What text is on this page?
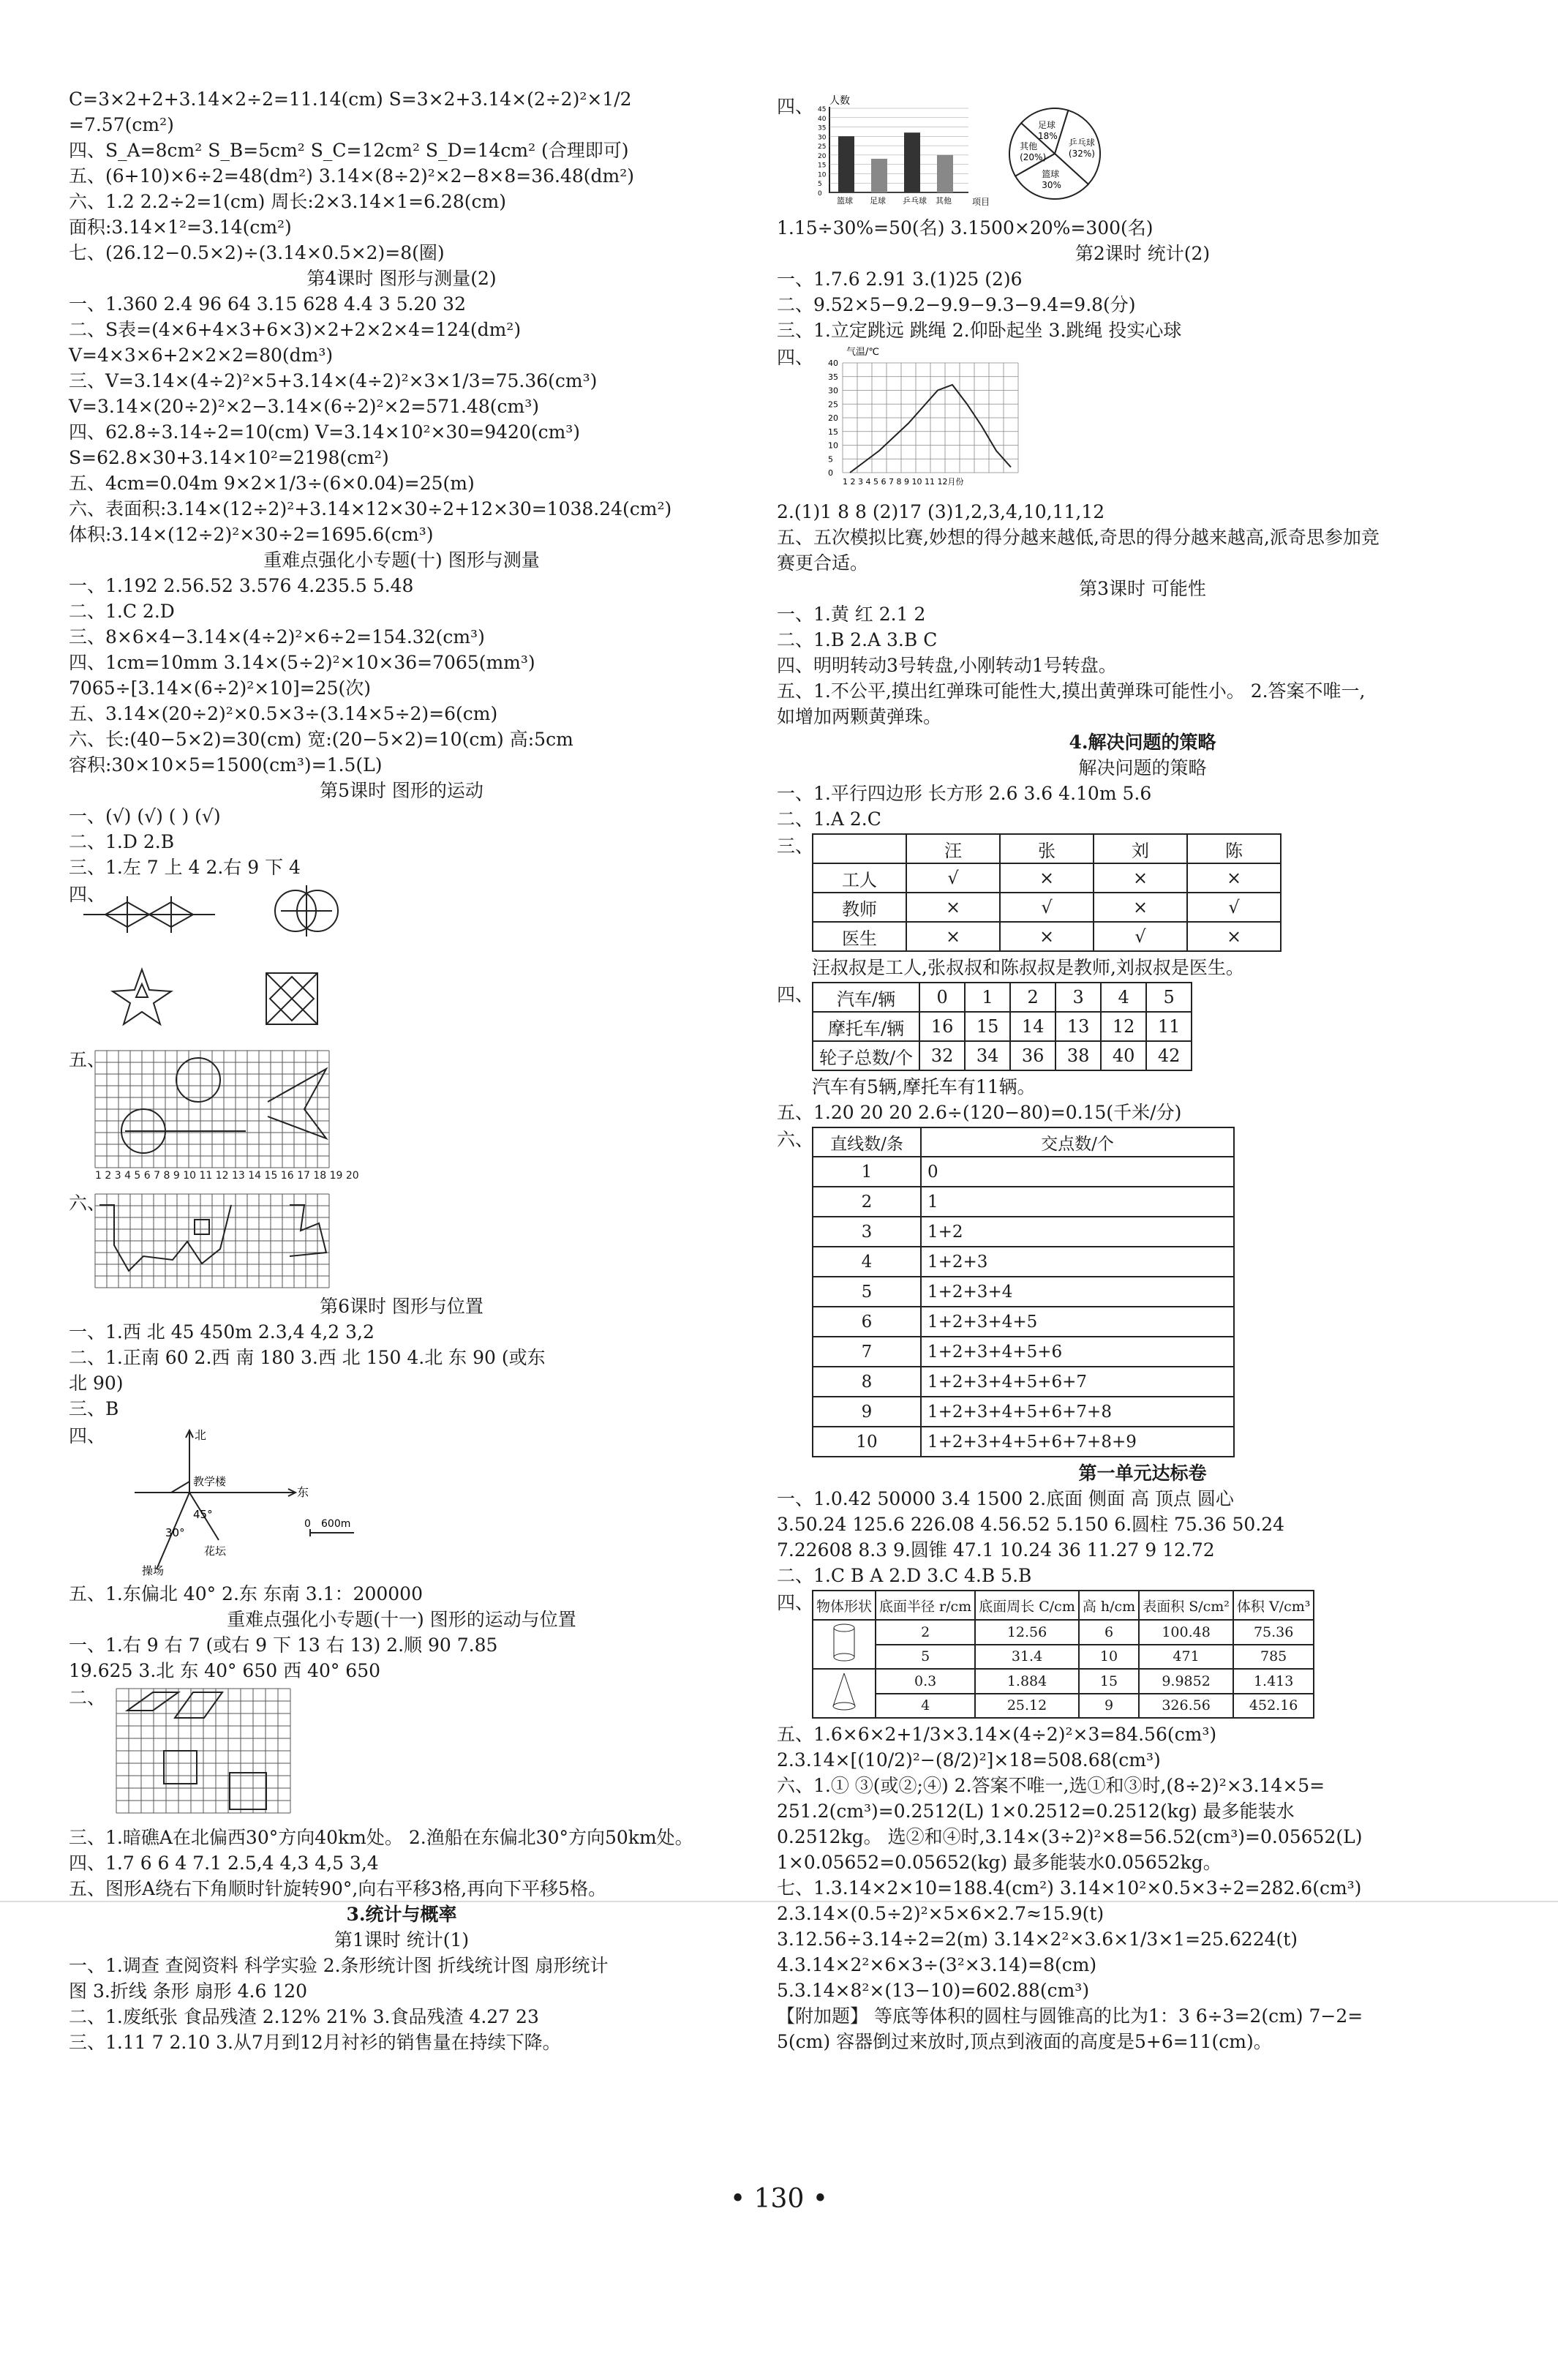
C=3×2+2+3.14×2÷2=11.14(cm) S=3×2+3.14×(2÷2)²×1/2
=7.57(cm²)
四、S_A=8cm² S_B=5cm² S_C=12cm² S_D=14cm² (合理即可)
五、(6+10)×6÷2=48(dm²) 3.14×(8÷2)²×2−8×8=36.48(dm²)
六、1.2 2.2÷2=1(cm) 周长:2×3.14×1=6.28(cm)
面积:3.14×1²=3.14(cm²)
七、(26.12−0.5×2)÷(3.14×0.5×2)=8(圈)
第4课时 图形与测量(2)
一、1.360 2.4 96 64 3.15 628 4.4 3 5.20 32
二、S表=(4×6+4×3+6×3)×2+2×2×4=124(dm²)
V=4×3×6+2×2×2=80(dm³)
三、V=3.14×(4÷2)²×5+3.14×(4÷2)²×3×1/3=75.36(cm³)
V=3.14×(20÷2)²×2−3.14×(6÷2)²×2=571.48(cm³)
四、62.8÷3.14÷2=10(cm) V=3.14×10²×30=9420(cm³)
S=62.8×30+3.14×10²=2198(cm²)
五、4cm=0.04m 9×2×1/3÷(6×0.04)=25(m)
六、表面积:3.14×(12÷2)²+3.14×12×30÷2+12×30=1038.24(cm²)
体积:3.14×(12÷2)²×30÷2=1695.6(cm³)
重难点强化小专题(十) 图形与测量
一、1.192 2.56.52 3.576 4.235.5 5.48
二、1.C 2.D
三、8×6×4−3.14×(4÷2)²×6÷2=154.32(cm³)
四、1cm=10mm 3.14×(5÷2)²×10×36=7065(mm³)
7065÷[3.14×(6÷2)²×10]=25(次)
五、3.14×(20÷2)²×0.5×3÷(3.14×5÷2)=6(cm)
六、长:(40−5×2)=30(cm) 宽:(20−5×2)=10(cm) 高:5cm
容积:30×10×5=1500(cm³)=1.5(L)
第5课时 图形的运动
一、(√) (√) ( ) (√)
二、1.D 2.B
三、1.左 7 上 4 2.右 9 下 4
四、
五、
1 2 3 4 5 6 7 8 9 10 11 12 13 14 15 16 17 18 19 20
六、
第6课时 图形与位置
一、1.西 北 45 450m 2.3,4 4,2 3,2
二、1.正南 60 2.西 南 180 3.西 北 150 4.北 东 90 (或东
北 90)
三、B
四、	北
东
教学楼
花坛
操场
45°
30°
0 600m
五、1.东偏北 40° 2.东 东南 3.1：200000
重难点强化小专题(十一) 图形的运动与位置
一、1.右 9 右 7 (或右 9 下 13 右 13) 2.顺 90 7.85
19.625 3.北 东 40° 650 西 40° 650
二、
三、1.暗礁A在北偏西30°方向40km处。 2.渔船在东偏北30°方向50km处。
四、1.7 6 6 4 7.1 2.5,4 4,3 4,5 3,4
五、图形A绕右下角顺时针旋转90°,向右平移3格,再向下平移5格。
3.统计与概率
第1课时 统计(1)
一、1.调查 查阅资料 科学实验 2.条形统计图 折线统计图 扇形统计
图 3.折线 条形 扇形 4.6 120
二、1.废纸张 食品残渣 2.12% 21% 3.食品残渣 4.27 23
三、1.11 7 2.10 3.从7月到12月衬衫的销售量在持续下降。
四、 人数
项目
0
5
10
15
20
25
30
35
40
45
篮球 足球 乒乓球 其他
乒乓球
(32%)
篮球
30%
其他
(20%)
足球
18%
1.15÷30%=50(名) 3.1500×20%=300(名)
第2课时 统计(2)
一、1.7.6 2.91 3.(1)25 (2)6
二、9.52×5−9.2−9.9−9.3−9.4=9.8(分)
三、1.立定跳远 跳绳 2.仰卧起坐 3.跳绳 投实心球
四、	气温/℃
0
5
10
15
20
25
30
35
40
1 2 3 4 5 6 7 8 9 10 11 12月份
2.(1)1 8 8 (2)17 (3)1,2,3,4,10,11,12
五、五次模拟比赛,妙想的得分越来越低,奇思的得分越来越高,派奇思参加竞
赛更合适。
第3课时 可能性
一、1.黄 红 2.1 2
二、1.B 2.A 3.B C
四、明明转动3号转盘,小刚转动1号转盘。
五、1.不公平,摸出红弹珠可能性大,摸出黄弹珠可能性小。 2.答案不唯一,
如增加两颗黄弹珠。
4.解决问题的策略
解决问题的策略
一、1.平行四边形 长方形 2.6 3.6 4.10m 5.6
二、1.A 2.C
三、
		汪	张	刘	陈
工人	√	×	×	×
教师	×	√	×	√
医生	×	×	√	×
汪叔叔是工人,张叔叔和陈叔叔是教师,刘叔叔是医生。
四、 汽车/辆	0	1	2	3	4	5
摩托车/辆	16	15	14	13	12	11
轮子总数/个	32	34	36	38	40	42
汽车有5辆,摩托车有11辆。
五、1.20 20 20 2.6÷(120−80)=0.15(千米/分)
六、 直线数/条	交点数/个
1	0
2	1
3	1+2
4	1+2+3
5	1+2+3+4
6	1+2+3+4+5
7	1+2+3+4+5+6
8	1+2+3+4+5+6+7
9	1+2+3+4+5+6+7+8
10	1+2+3+4+5+6+7+8+9
第一单元达标卷
一、1.0.42 50000 3.4 1500 2.底面 侧面 高 顶点 圆心
3.50.24 125.6 226.08 4.56.52 5.150 6.圆柱 75.36 50.24
7.22608 8.3 9.圆锥 47.1 10.24 36 11.27 9 12.72
二、1.C B A 2.D 3.C 4.B 5.B
四、 物体形状	底面半径 r/cm	底面周长 C/cm	高 h/cm	表面积 S/cm²	体积 V/cm³
	2	12.56	6	100.48	75.36
	5	31.4	10	471	785
	0.3	1.884	15	9.9852	1.413
	4	25.12	9	326.56	452.16
五、1.6×6×2+1/3×3.14×(4÷2)²×3=84.56(cm³)
2.3.14×[(10/2)²−(8/2)²]×18=508.68(cm³)
六、1.① ③(或②;④) 2.答案不唯一,选①和③时,(8÷2)²×3.14×5=
251.2(cm³)=0.2512(L) 1×0.2512=0.2512(kg) 最多能装水
0.2512kg。 选②和④时,3.14×(3÷2)²×8=56.52(cm³)=0.05652(L)
1×0.05652=0.05652(kg) 最多能装水0.05652kg。
七、1.3.14×2×10=188.4(cm²) 3.14×10²×0.5×3÷2=282.6(cm³)
2.3.14×(0.5÷2)²×5×6×2.7≈15.9(t)
3.12.56÷3.14÷2=2(m) 3.14×2²×3.6×1/3×1=25.6224(t)
4.3.14×2²×6×3÷(3²×3.14)=8(cm)
5.3.14×8²×(13−10)=602.88(cm³)
【附加题】 等底等体积的圆柱与圆锥高的比为1：3 6÷3=2(cm) 7−2=
5(cm) 容器倒过来放时,顶点到液面的高度是5+6=11(cm)。
• 130 •
